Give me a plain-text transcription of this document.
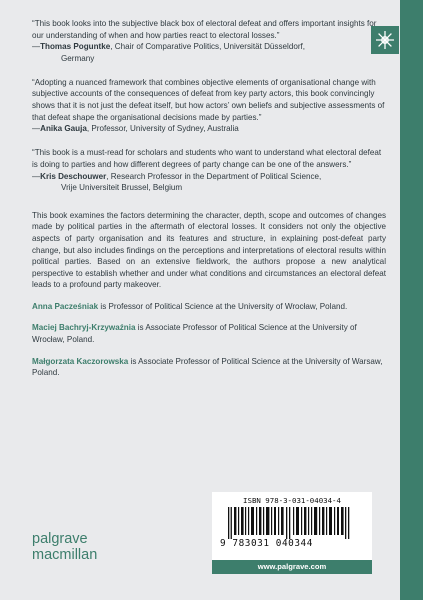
“This book looks into the subjective black box of electoral defeat and offers important insights for our understanding of when and how parties react to electoral losses.”
—Thomas Poguntke, Chair of Comparative Politics, Universität Düsseldorf,
Germany
“Adopting a nuanced framework that combines objective elements of organisational change with subjective accounts of the consequences of defeat from key party actors, this book convincingly shows that it is not just the defeat itself, but how actors’ own beliefs and subjective assessments of that defeat shape the organisational decisions made by parties.”
—Anika Gauja, Professor, University of Sydney, Australia
“This book is a must-read for scholars and students who want to understand what electoral defeat is doing to parties and how different degrees of party change can be one of the answers.”
—Kris Deschouwer, Research Professor in the Department of Political Science,
Vrije Universiteit Brussel, Belgium

This book examines the factors determining the character, depth, scope and outcomes of changes made by political parties in the aftermath of electoral losses. It considers not only the objective aspects of party organisation and its features and structure, in explaining post-defeat party change, but also includes findings on the perceptions and interpretations of electoral results within political parties. Based on an extensive fieldwork, the authors propose a new analytical perspective to establish whether and under what conditions and circumstances an electoral defeat leads to a profound party makeover.

Anna Pacześniak is Professor of Political Science at the University of Wrocław, Poland.

Maciej Bachryj-Krzywaźnia is Associate Professor of Political Science at the University of Wrocław, Poland.

Małgorzata Kaczorowska is Associate Professor of Political Science at the University of Warsaw, Poland.

palgrave
macmillan
ISBN 978-3-031-04034-4
9 783031 040344
www.palgrave.com
